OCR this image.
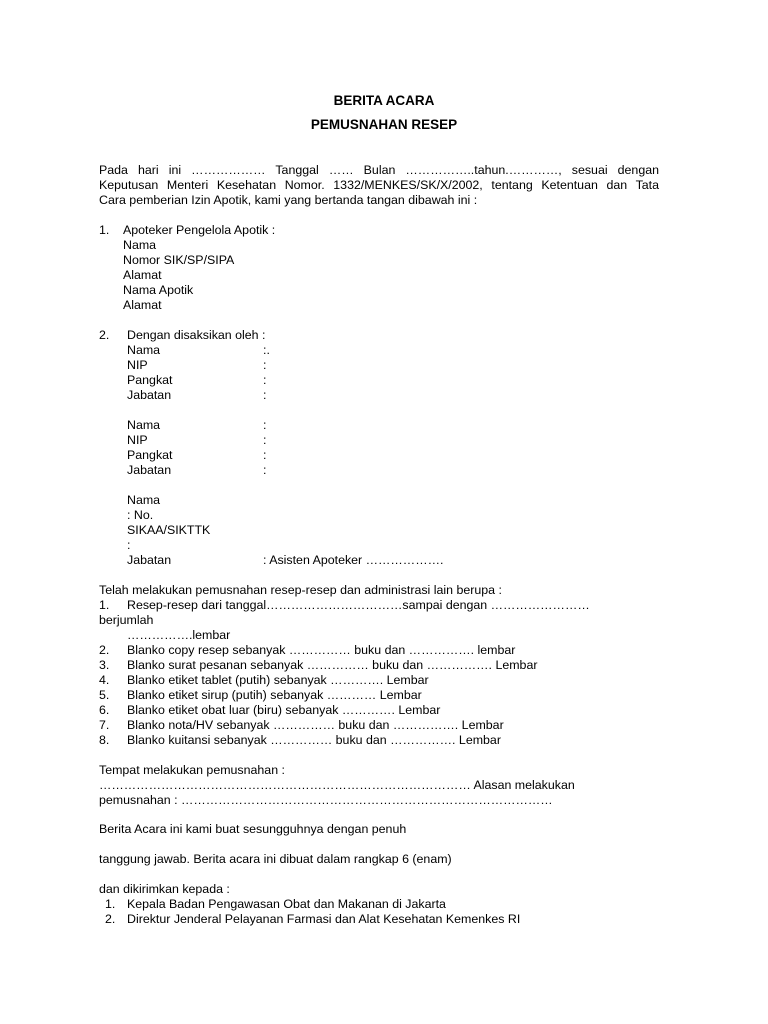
BERITA ACARA
PEMUSNAHAN RESEP
Pada hari ini ……………… Tanggal …… Bulan ……………..tahun.…………, sesuai dengan
Keputusan Menteri Kesehatan Nomor. 1332/MENKES/SK/X/2002, tentang Ketentuan dan Tata
Cara pemberian Izin Apotik, kami yang bertanda tangan dibawah ini :
1. Apoteker Pengelola Apotik :
Nama
Nomor SIK/SP/SIPA
Alamat
Nama Apotik
Alamat
2. Dengan disaksikan oleh :
Nama	:.
NIP	:
Pangkat	:
Jabatan	:
Nama	:
NIP	:
Pangkat	:
Jabatan	:
Nama
: No.
SIKAA/SIKTTK
:
Jabatan	: Asisten Apoteker ……………….
Telah melakukan pemusnahan resep-resep dan administrasi lain berupa :
1. Resep-resep dari tanggal……………………………sampai dengan ……………………
berjumlah
…………….lembar
2. Blanko copy resep sebanyak …………… buku dan ……………. lembar
3. Blanko surat pesanan sebanyak …………… buku dan ……………. Lembar
4. Blanko etiket tablet (putih) sebanyak …………. Lembar
5. Blanko etiket sirup (putih) sebanyak ………… Lembar
6. Blanko etiket obat luar (biru) sebanyak …………. Lembar
7. Blanko nota/HV sebanyak …………… buku dan ……………. Lembar
8. Blanko kuitansi sebanyak …………… buku dan ……………. Lembar
Tempat melakukan pemusnahan :
……………………………………………………………………………… Alasan melakukan
pemusnahan : ………………………………………………………………………………
Berita Acara ini kami buat sesungguhnya dengan penuh
tanggung jawab. Berita acara ini dibuat dalam rangkap 6 (enam)
dan dikirimkan kepada :
1. Kepala Badan Pengawasan Obat dan Makanan di Jakarta
2. Direktur Jenderal Pelayanan Farmasi dan Alat Kesehatan Kemenkes RI
